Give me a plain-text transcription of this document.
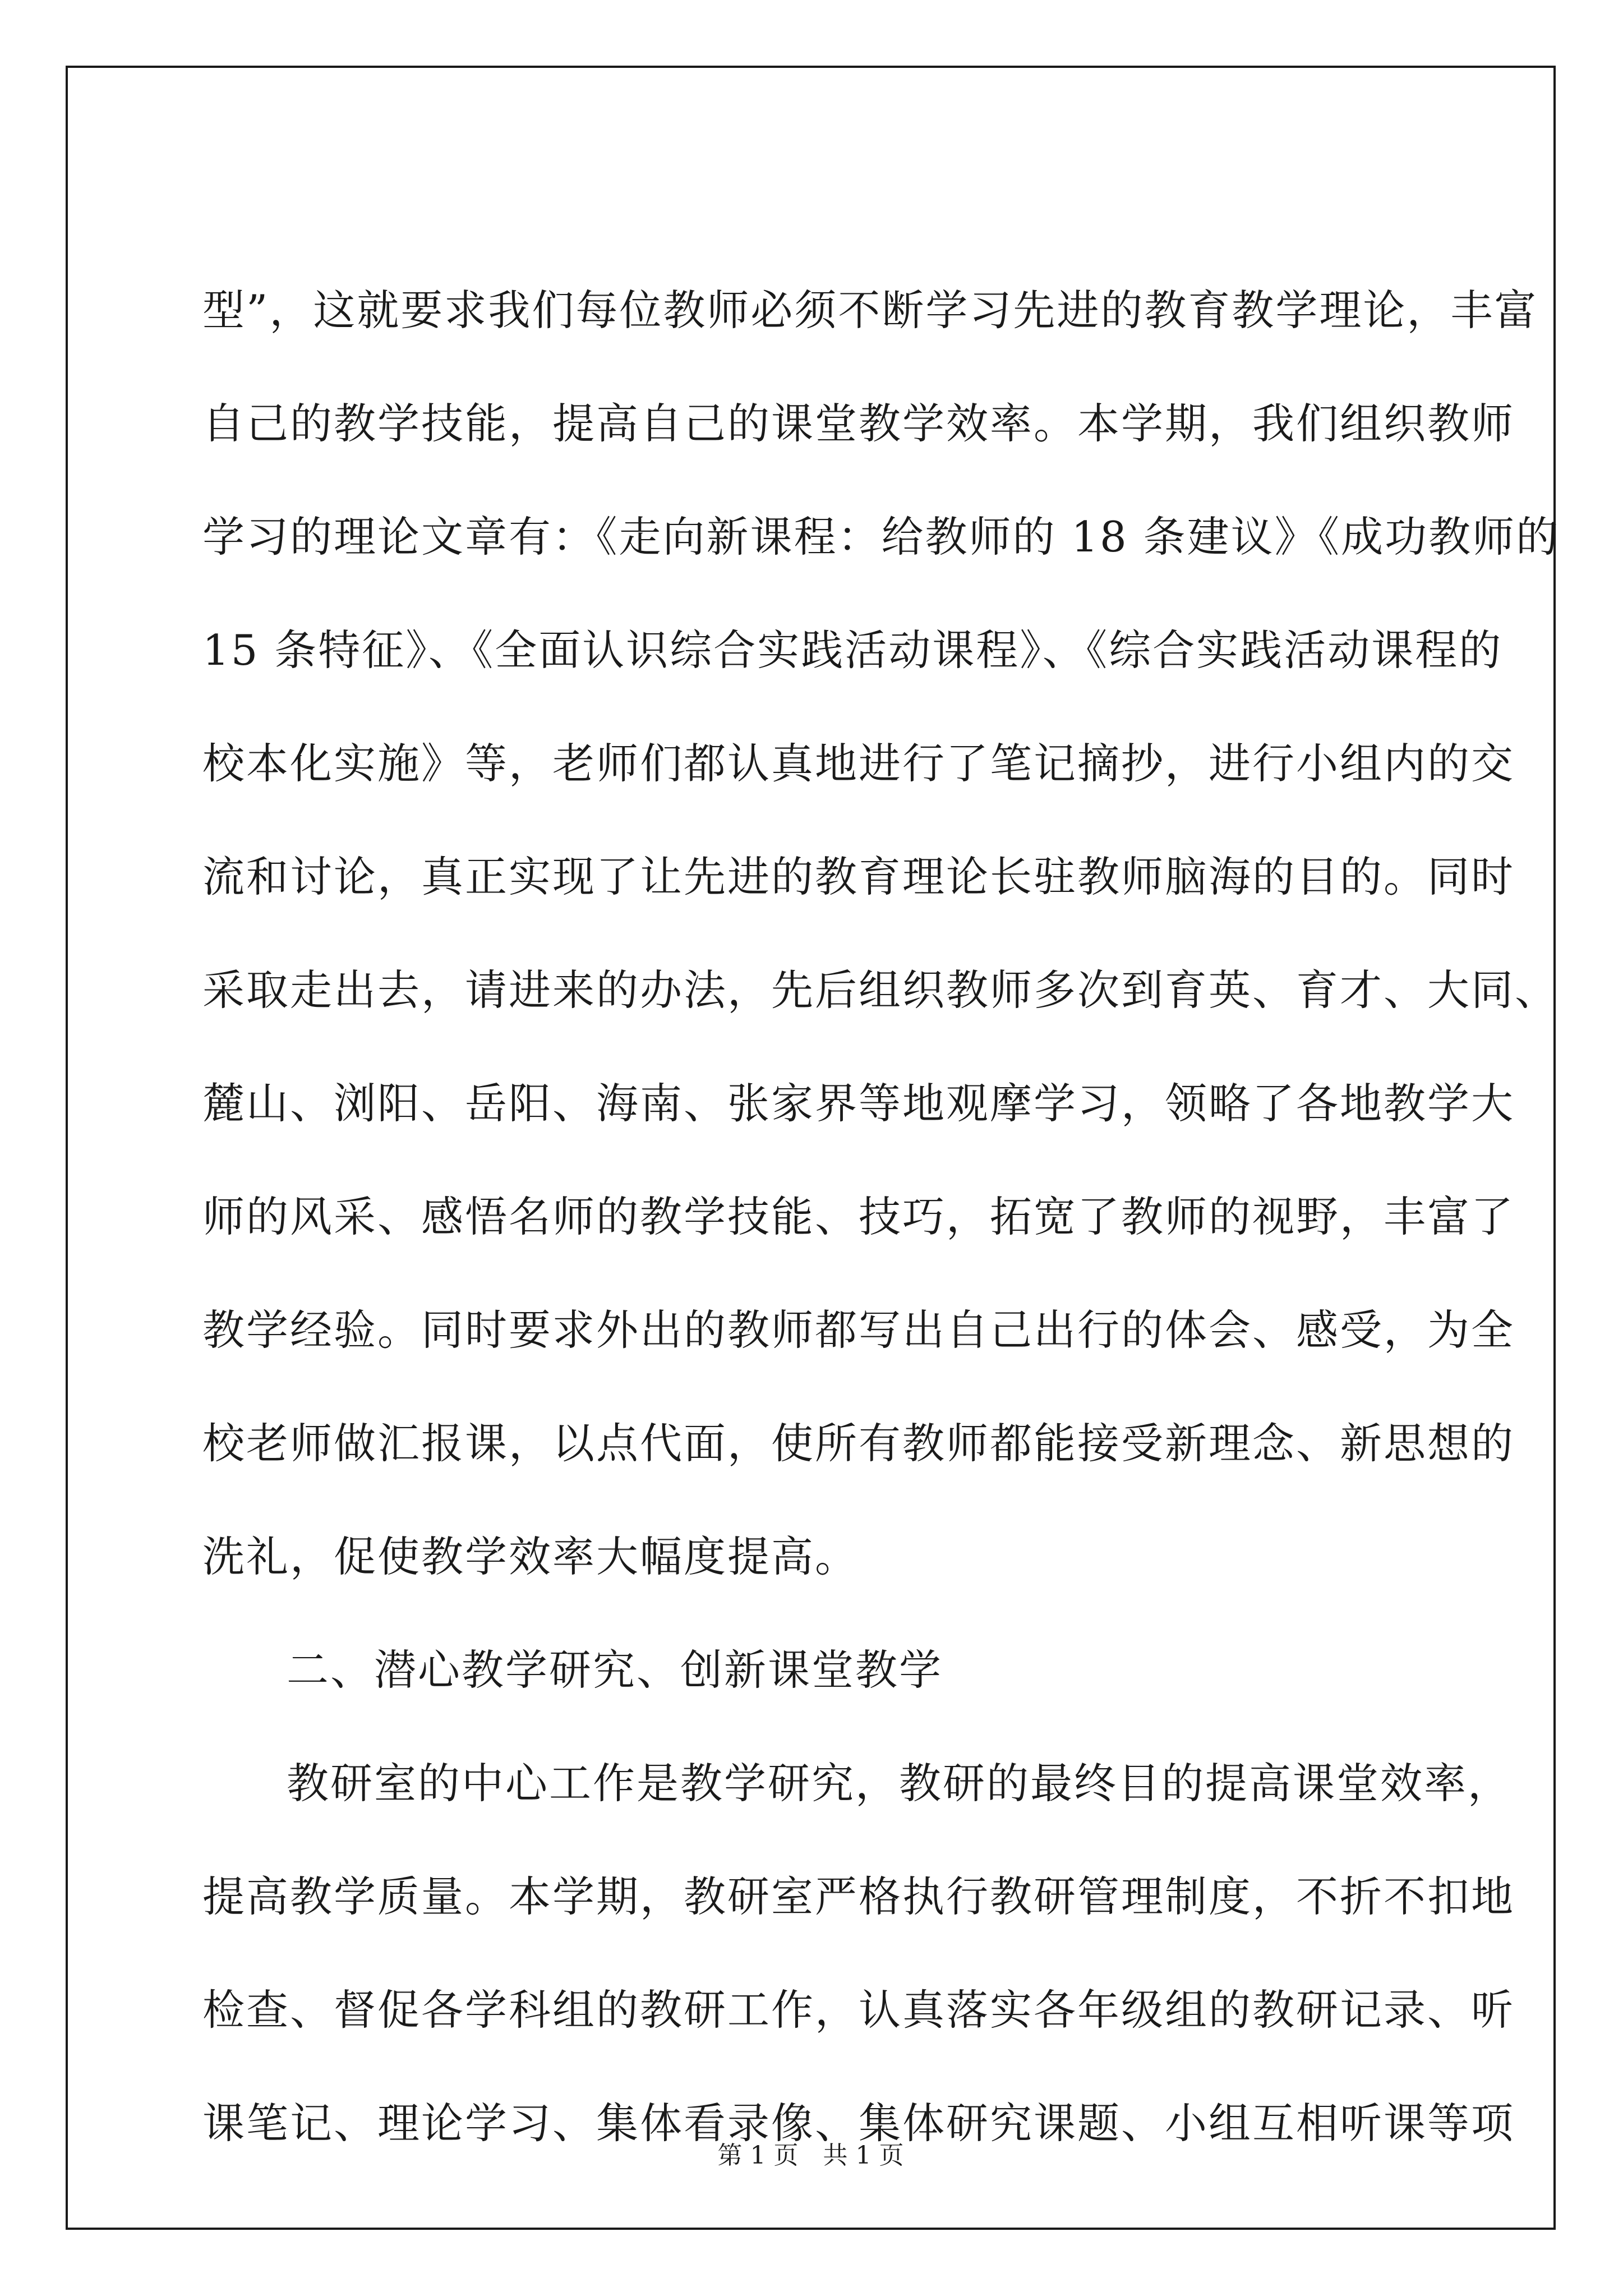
型”，这就要求我们每位教师必须不断学习先进的教育教学理论，丰富
自己的教学技能，提高自己的课堂教学效率。本学期，我们组织教师
学习的理论文章有：《走向新课程：给教师的 18 条建议》《成功教师的
15 条特征》、《全面认识综合实践活动课程》、《综合实践活动课程的
校本化实施》等，老师们都认真地进行了笔记摘抄，进行小组内的交
流和讨论，真正实现了让先进的教育理论长驻教师脑海的目的。同时
采取走出去，请进来的办法，先后组织教师多次到育英、育才、大同、
麓山、浏阳、岳阳、海南、张家界等地观摩学习，领略了各地教学大
师的风采、感悟名师的教学技能、技巧，拓宽了教师的视野，丰富了
教学经验。同时要求外出的教师都写出自己出行的体会、感受，为全
校老师做汇报课，以点代面，使所有教师都能接受新理念、新思想的
洗礼，促使教学效率大幅度提高。
二、潜心教学研究、创新课堂教学
教研室的中心工作是教学研究，教研的最终目的提高课堂效率，
提高教学质量。本学期，教研室严格执行教研管理制度，不折不扣地
检查、督促各学科组的教研工作，认真落实各年级组的教研记录、听
课笔记、理论学习、集体看录像、集体研究课题、小组互相听课等项
第 1 页　共 1 页
